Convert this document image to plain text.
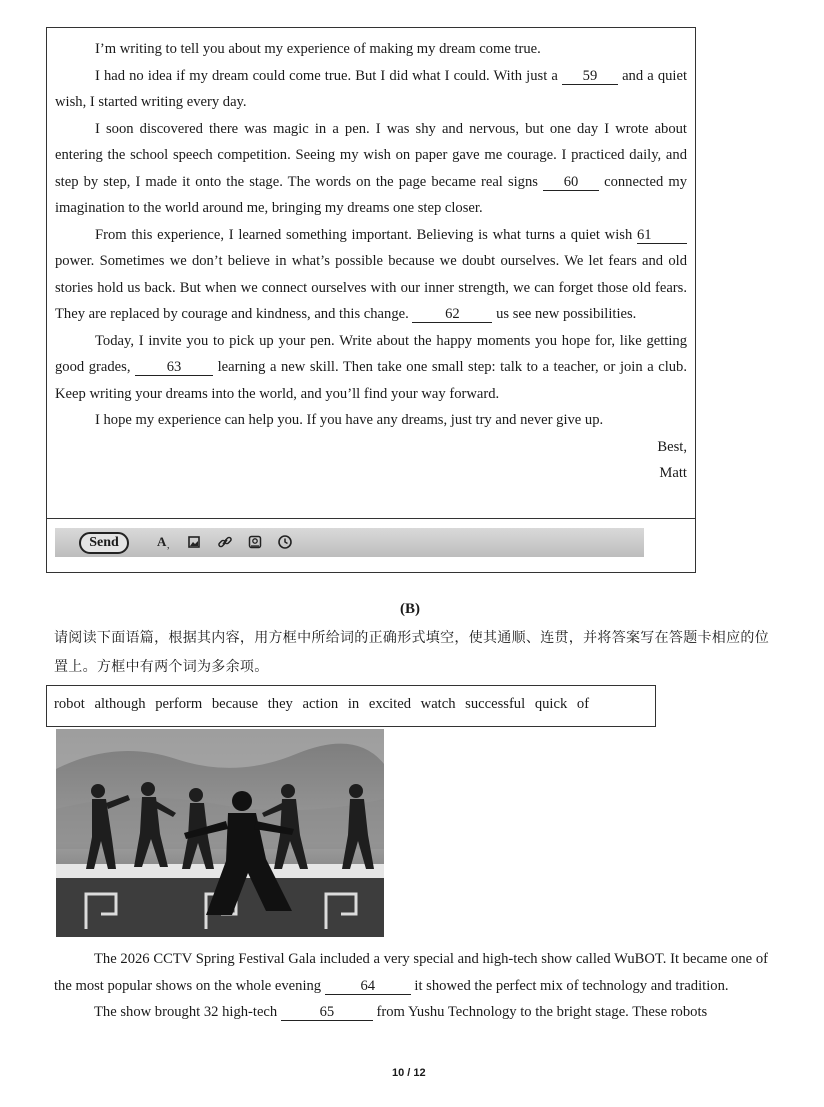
I’m writing to tell you about my experience of making my dream come true.

I had no idea if my dream could come true. But I did what I could. With just a 59 and a quiet wish, I started writing every day.

I soon discovered there was magic in a pen. I was shy and nervous, but one day I wrote about entering the school speech competition. Seeing my wish on paper gave me courage. I practiced daily, and step by step, I made it onto the stage. The words on the page became real signs 60 connected my imagination to the world around me, bringing my dreams one step closer.

From this experience, I learned something important. Believing is what turns a quiet wish 61 power. Sometimes we don’t believe in what’s possible because we doubt ourselves. We let fears and old stories hold us back. But when we connect ourselves with our inner strength, we can forget those old fears. They are replaced by courage and kindness, and this change. 62 us see new possibilities.

Today, I invite you to pick up your pen. Write about the happy moments you hope for, like getting good grades, 63 learning a new skill. Then take one small step: talk to a teacher, or join a club. Keep writing your dreams into the world, and you’ll find your way forward.

I hope my experience can help you. If you have any dreams, just try and never give up.

Best,

Matt

Send	A ,
(B)
请阅读下面语篇，根据其内容，用方框中所给词的正确形式填空，使其通顺、连贯，并将答案写在答题卡相应的位置上。方框中有两个词为多余项。
robot although perform because they action in excited watch successful quick of

The 2026 CCTV Spring Festival Gala included a very special and high-tech show called WuBOT. It became one of the most popular shows on the whole evening	64	it showed the perfect mix of technology and tradition.

The show brought 32 high-tech	65	from Yushu Technology to the bright stage. These robots

10 / 12
